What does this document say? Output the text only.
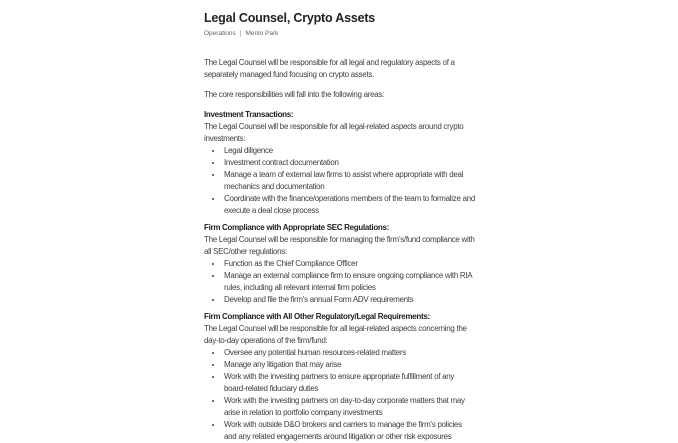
Legal Counsel, Crypto Assets
Operations | Menlo Park

The Legal Counsel will be responsible for all legal and regulatory aspects of a separately managed fund focusing on crypto assets.

The core responsibilities will fall into the following areas:

Investment Transactions:

The Legal Counsel will be responsible for all legal-related aspects around crypto investments:

• Legal diligence
• Investment contract documentation
• Manage a team of external law firms to assist where appropriate with deal mechanics and documentation
• Coordinate with the finance/operations members of the team to formalize and execute a deal close process
Firm Compliance with Appropriate SEC Regulations:

The Legal Counsel will be responsible for managing the firm’s/fund compliance with all SEC/other regulations:

• Function as the Chief Compliance Officer
• Manage an external compliance firm to ensure ongoing compliance with RIA rules, including all relevant internal firm policies
• Develop and file the firm’s annual Form ADV requirements
Firm Compliance with All Other Regulatory/Legal Requirements:

The Legal Counsel will be responsible for all legal-related aspects concerning the day-to-day operations of the firm/fund:

• Oversee any potential human resources-related matters
• Manage any litigation that may arise
• Work with the investing partners to ensure appropriate fulfillment of any board-related fiduciary duties
• Work with the investing partners on day-to-day corporate matters that may arise in relation to portfolio company investments
• Work with outside D&O brokers and carriers to manage the firm’s policies and any related engagements around litigation or other risk exposures
